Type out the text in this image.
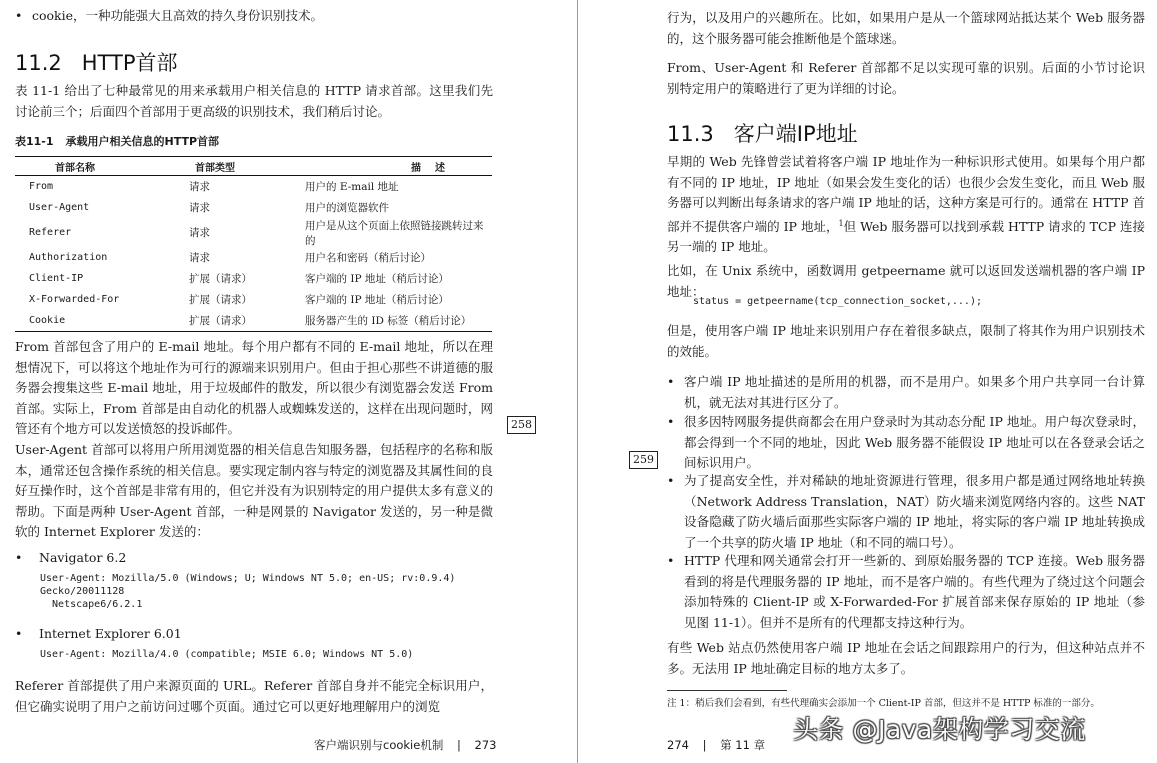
• cookie，一种功能强大且高效的持久身份识别技术。
11.2 HTTP首部
表 11-1 给出了七种最常见的用来承载用户相关信息的 HTTP 请求首部。这里我们先讨论前三个；后面四个首部用于更高级的识别技术，我们稍后讨论。
表11-1 承载用户相关信息的HTTP首部
首部名称	首部类型	描述
From	请求	用户的 E-mail 地址
User-Agent	请求	用户的浏览器软件
Referer	请求	用户是从这个页面上依照链接跳转过来的
Authorization	请求	用户名和密码（稍后讨论）
Client-IP	扩展（请求）	客户端的 IP 地址（稍后讨论）
X-Forwarded-For	扩展（请求）	客户端的 IP 地址（稍后讨论）
Cookie	扩展（请求）	服务器产生的 ID 标签（稍后讨论）
From 首部包含了用户的 E-mail 地址。每个用户都有不同的 E-mail 地址，所以在理想情况下，可以将这个地址作为可行的源端来识别用户。但由于担心那些不讲道德的服务器会搜集这些 E-mail 地址，用于垃圾邮件的散发，所以很少有浏览器会发送 From 首部。实际上，From 首部是由自动化的机器人或蜘蛛发送的，这样在出现问题时，网管还有个地方可以发送愤怒的投诉邮件。
User-Agent 首部可以将用户所用浏览器的相关信息告知服务器，包括程序的名称和版本，通常还包含操作系统的相关信息。要实现定制内容与特定的浏览器及其属性间的良好互操作时，这个首部是非常有用的，但它并没有为识别特定的用户提供太多有意义的帮助。下面是两种 User-Agent 首部，一种是网景的 Navigator 发送的，另一种是微软的 Internet Explorer 发送的：
• Navigator 6.2
User-Agent: Mozilla/5.0 (Windows; U; Windows NT 5.0; en-US; rv:0.9.4)
Gecko/20011128
Netscape6/6.2.1
• Internet Explorer 6.01
User-Agent: Mozilla/4.0 (compatible; MSIE 6.0; Windows NT 5.0)
Referer 首部提供了用户来源页面的 URL。Referer 首部自身并不能完全标识用户，但它确实说明了用户之前访问过哪个页面。通过它可以更好地理解用户的浏览
客户端识别与cookie机制 | 273
258
行为，以及用户的兴趣所在。比如，如果用户是从一个篮球网站抵达某个 Web 服务器的，这个服务器可能会推断他是个篮球迷。
From、User-Agent 和 Referer 首部都不足以实现可靠的识别。后面的小节讨论识别特定用户的策略进行了更为详细的讨论。
11.3 客户端IP地址
早期的 Web 先锋曾尝试着将客户端 IP 地址作为一种标识形式使用。如果每个用户都有不同的 IP 地址，IP 地址（如果会发生变化的话）也很少会发生变化，而且 Web 服务器可以判断出每条请求的客户端 IP 地址的话，这种方案是可行的。通常在 HTTP 首部并不提供客户端的 IP 地址，$^1$但 Web 服务器可以找到承载 HTTP 请求的 TCP 连接另一端的 IP 地址。
比如，在 Unix 系统中，函数调用 getpeername 就可以返回发送端机器的客户端 IP 地址：
status = getpeername(tcp_connection_socket,...);
但是，使用客户端 IP 地址来识别用户存在着很多缺点，限制了将其作为用户识别技术的效能。
• 客户端 IP 地址描述的是所用的机器，而不是用户。如果多个用户共享同一台计算机，就无法对其进行区分了。
• 很多因特网服务提供商都会在用户登录时为其动态分配 IP 地址。用户每次登录时，都会得到一个不同的地址，因此 Web 服务器不能假设 IP 地址可以在各登录会话之间标识用户。
• 为了提高安全性，并对稀缺的地址资源进行管理，很多用户都是通过网络地址转换（Network Address Translation，NAT）防火墙来浏览网络内容的。这些 NAT 设备隐藏了防火墙后面那些实际客户端的 IP 地址，将实际的客户端 IP 地址转换成了一个共享的防火墙 IP 地址（和不同的端口号）。
• HTTP 代理和网关通常会打开一些新的、到原始服务器的 TCP 连接。Web 服务器看到的将是代理服务器的 IP 地址，而不是客户端的。有些代理为了绕过这个问题会添加特殊的 Client-IP 或 X-Forwarded-For 扩展首部来保存原始的 IP 地址（参见图 11-1）。但并不是所有的代理都支持这种行为。
有些 Web 站点仍然使用客户端 IP 地址在会话之间跟踪用户的行为，但这种站点并不多。无法用 IP 地址确定目标的地方太多了。
注 1：稍后我们会看到，有些代理确实会添加一个 Client-IP 首部，但这并不是 HTTP 标准的一部分。
274 | 第 11 章
259
头条 @Java架构学习交流
